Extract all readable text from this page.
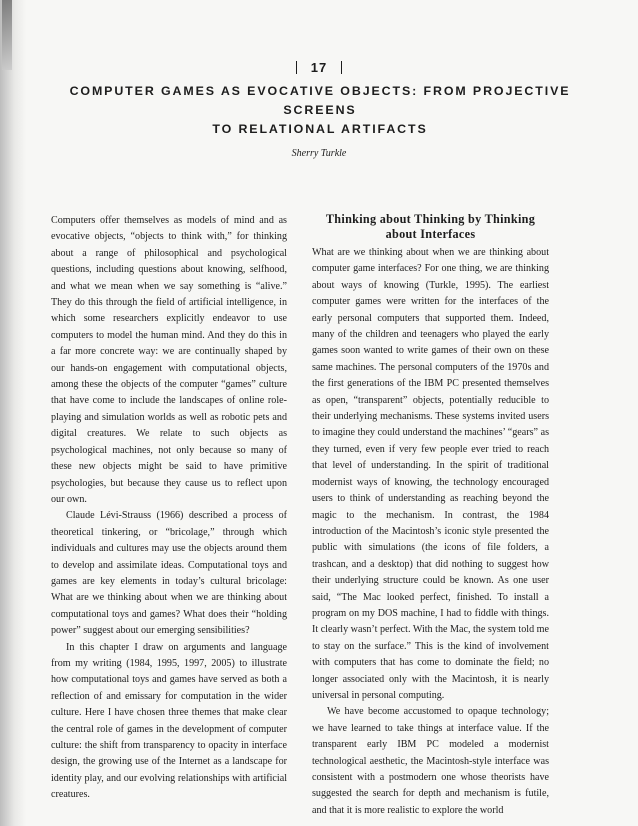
17
COMPUTER GAMES AS EVOCATIVE OBJECTS: FROM PROJECTIVE SCREENS
TO RELATIONAL ARTIFACTS
Sherry Turkle

Computers offer themselves as models of mind and as evocative objects, “objects to think with,” for thinking about a range of philosophical and psychological questions, including questions about knowing, selfhood, and what we mean when we say something is “alive.” They do this through the field of artificial intelligence, in which some researchers explicitly endeavor to use computers to model the human mind. And they do this in a far more concrete way: we are continually shaped by our hands-on engagement with computational objects, among these the objects of the computer “games” culture that have come to include the landscapes of online role-playing and simulation worlds as well as robotic pets and digital creatures. We relate to such objects as psychological machines, not only because so many of these new objects might be said to have primitive psychologies, but because they cause us to reflect upon our own.

Claude Lévi-Strauss (1966) described a process of theoretical tinkering, or “bricolage,” through which individuals and cultures may use the objects around them to develop and assimilate ideas. Computational toys and games are key elements in today’s cultural bricolage: What are we thinking about when we are thinking about computational toys and games? What does their “holding power” suggest about our emerging sensibilities?

In this chapter I draw on arguments and language from my writing (1984, 1995, 1997, 2005) to illustrate how computational toys and games have served as both a reflection of and emissary for computation in the wider culture. Here I have chosen three themes that make clear the central role of games in the development of computer culture: the shift from transparency to opacity in interface design, the growing use of the Internet as a landscape for identity play, and our evolving relationships with artificial creatures.

Thinking about Thinking by Thinking
about Interfaces

What are we thinking about when we are thinking about computer game interfaces? For one thing, we are thinking about ways of knowing (Turkle, 1995). The earliest computer games were written for the interfaces of the early personal computers that supported them. Indeed, many of the children and teenagers who played the early games soon wanted to write games of their own on these same machines. The personal computers of the 1970s and the first generations of the IBM PC presented themselves as open, “transparent” objects, potentially reducible to their underlying mechanisms. These systems invited users to imagine they could understand the machines’ “gears” as they turned, even if very few people ever tried to reach that level of understanding. In the spirit of traditional modernist ways of knowing, the technology encouraged users to think of understanding as reaching beyond the magic to the mechanism. In contrast, the 1984 introduction of the Macintosh’s iconic style presented the public with simulations (the icons of file folders, a trashcan, and a desktop) that did nothing to suggest how their underlying structure could be known. As one user said, “The Mac looked perfect, finished. To install a program on my DOS machine, I had to fiddle with things. It clearly wasn’t perfect. With the Mac, the system told me to stay on the surface.” This is the kind of involvement with computers that has come to dominate the field; no longer associated only with the Macintosh, it is nearly universal in personal computing.

We have become accustomed to opaque technology; we have learned to take things at interface value. If the transparent early IBM PC modeled a modernist technological aesthetic, the Macintosh-style interface was consistent with a postmodern one whose theorists have suggested the search for depth and mechanism is futile, and that it is more realistic to explore the world
